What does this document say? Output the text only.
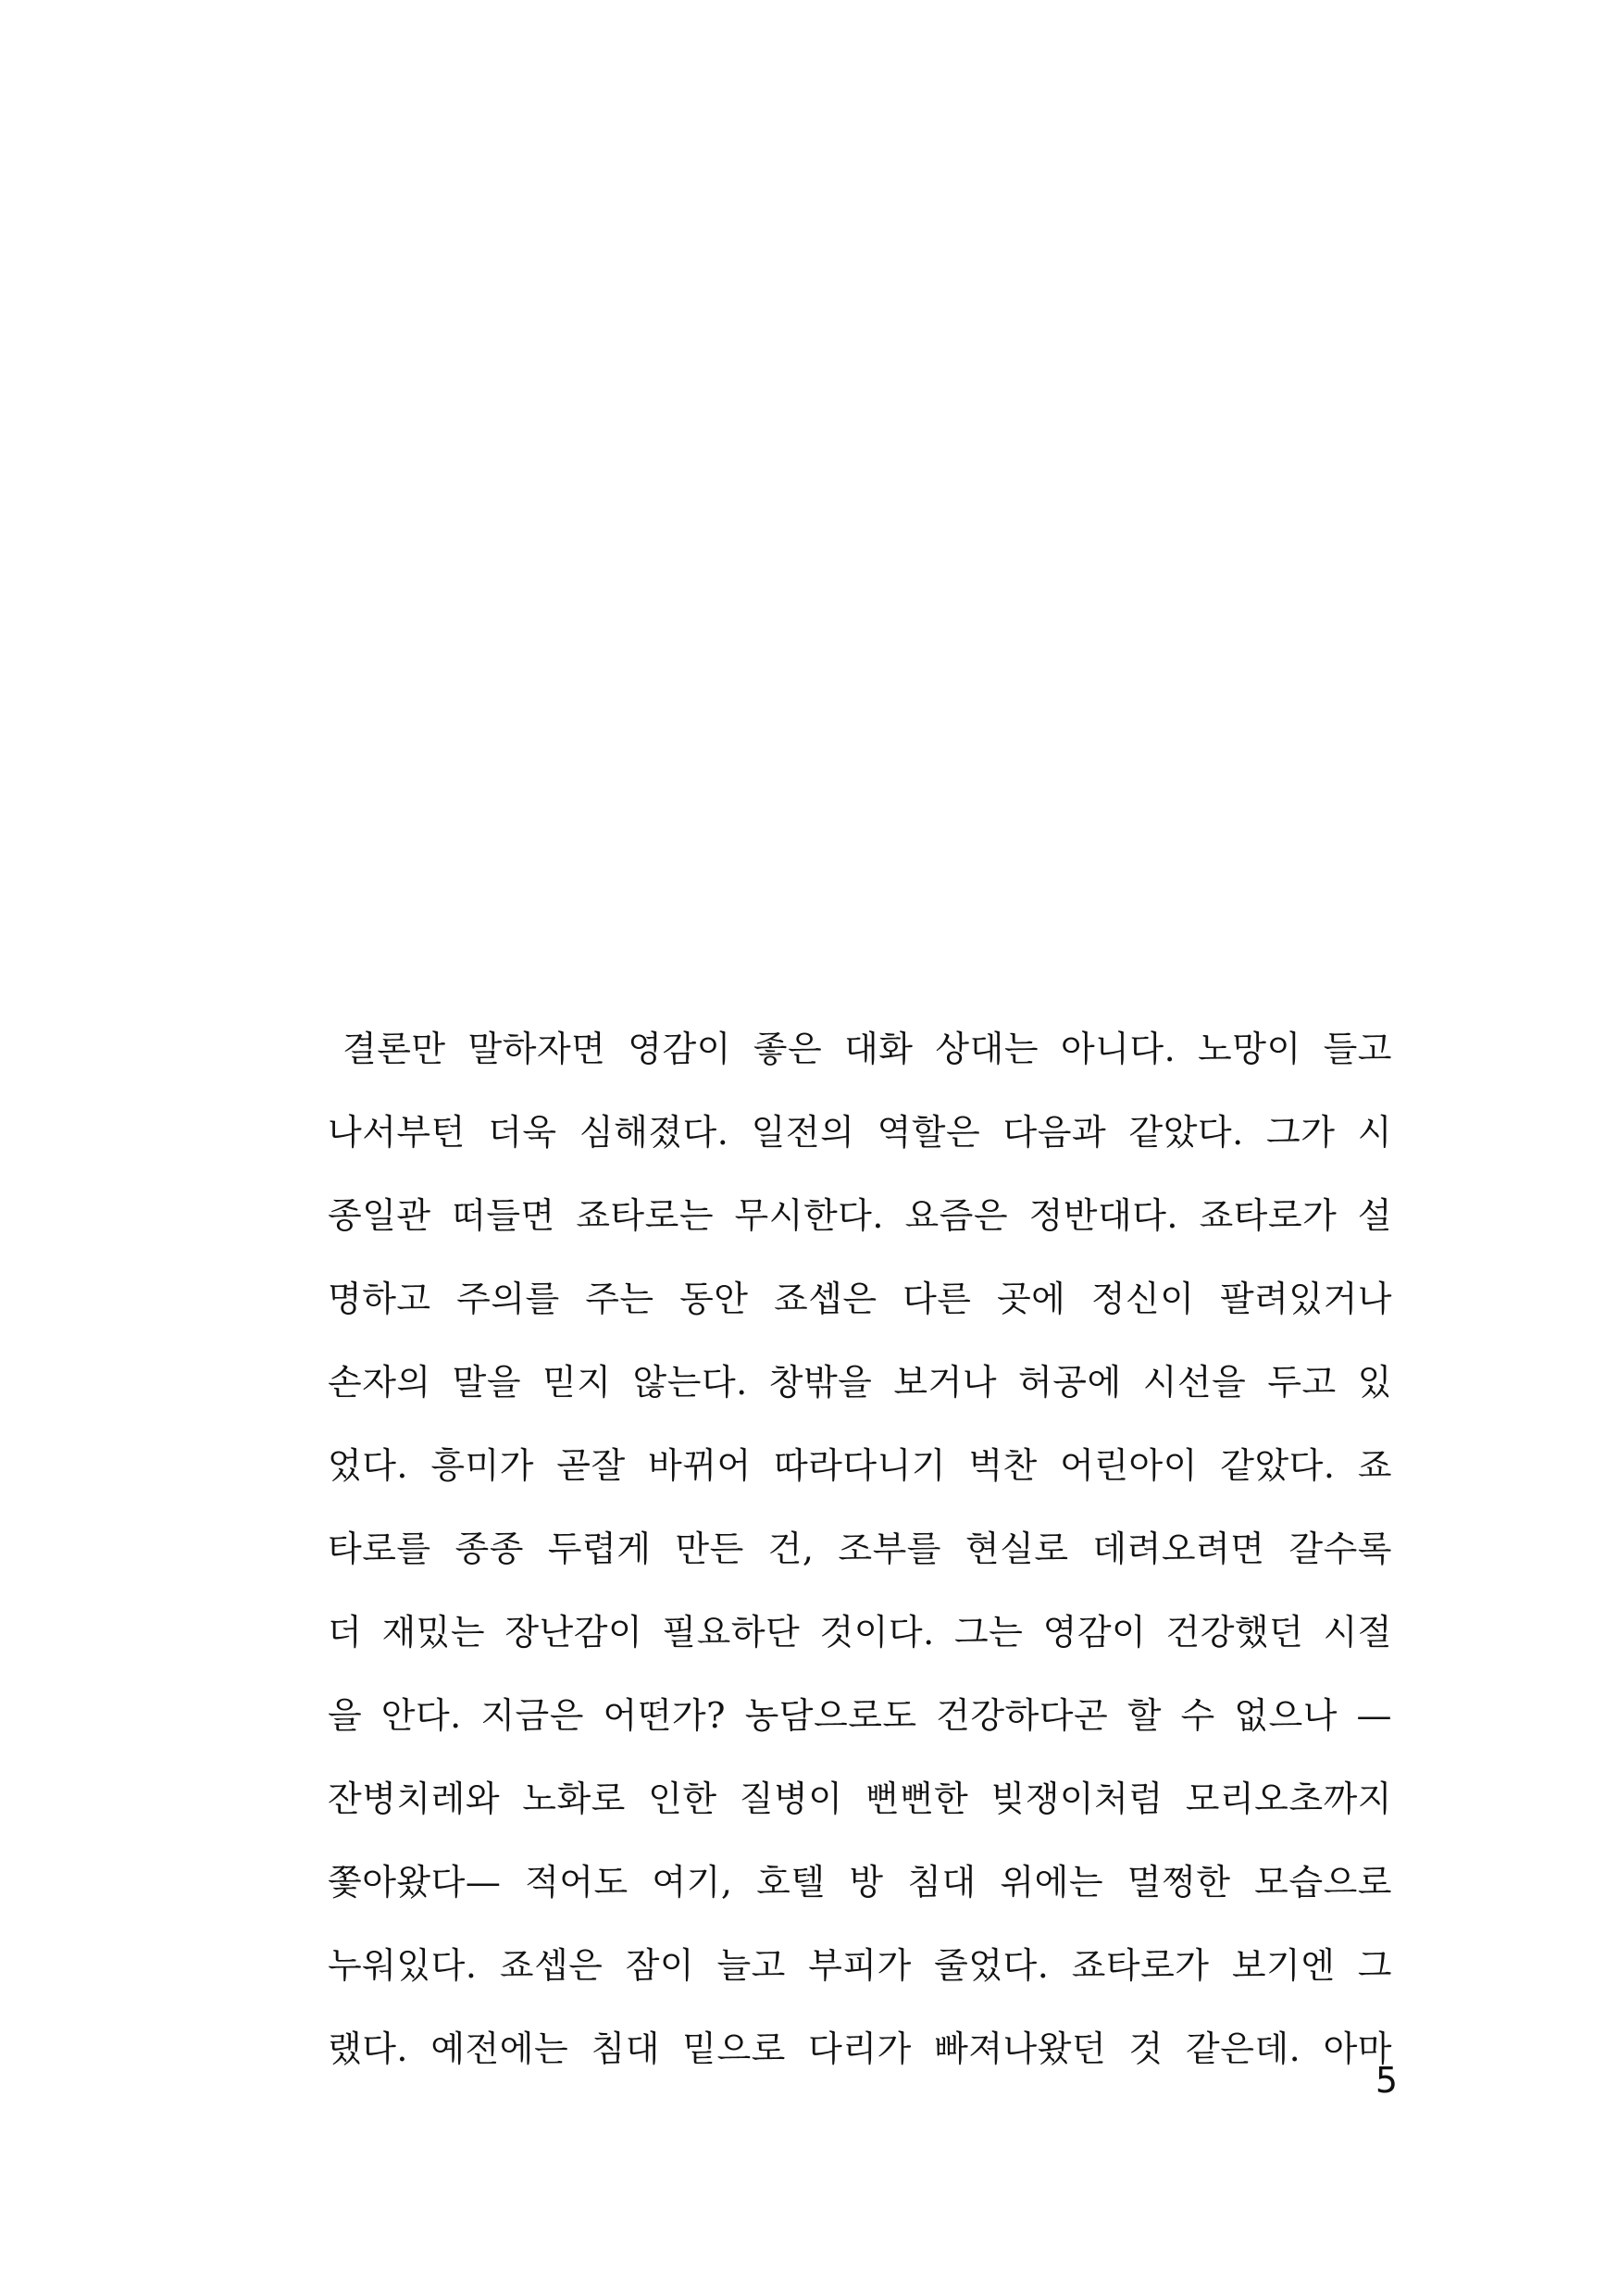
결론만 말하자면 영감이 좋은 대화 상대는 아니다. 노망이 들고
나서부턴 더욱 심해졌다. 일전의 역할은 다음과 같았다. 그가 시
종일관 떠들면 죠타로는 무시한다. 요즘은 정반대다. 죠타로가 설
명하고 주의를 주는 동안 죠셉은 다른 곳에 정신이 팔려있거나
손자의 말을 믿지 않는다. 창밖을 보거나 허공에 시선을 두고 있
었다. 흥미가 곧잘 바뀌어 따라다니기 벅찬 어린아이 같았다. 죠
타로를 종종 두렵게 만든 건, 조부를 현실로 데려오려면 갈수록
더 재밌는 장난감이 필요하단 것이다. 그는 영감이 건강했던 시절
을 안다. 지금은 어떤가? 농담으로도 건강하다곤 할 수 없으나 —
잔병치레와 노화로 인한 질병이 뻔뻔한 빚쟁이처럼 모리오초까지
쫓아왔다— 적어도 여기, 호텔 방 침대 위에는 멀쩡한 모습으로
누워있다. 죠셉은 잠이 늘고 부피가 줄었다. 죠타로가 보기엔 그
랬다. 예전에는 침대 밑으로 다리가 빠져나왔던 것 같은데. 아마
5
